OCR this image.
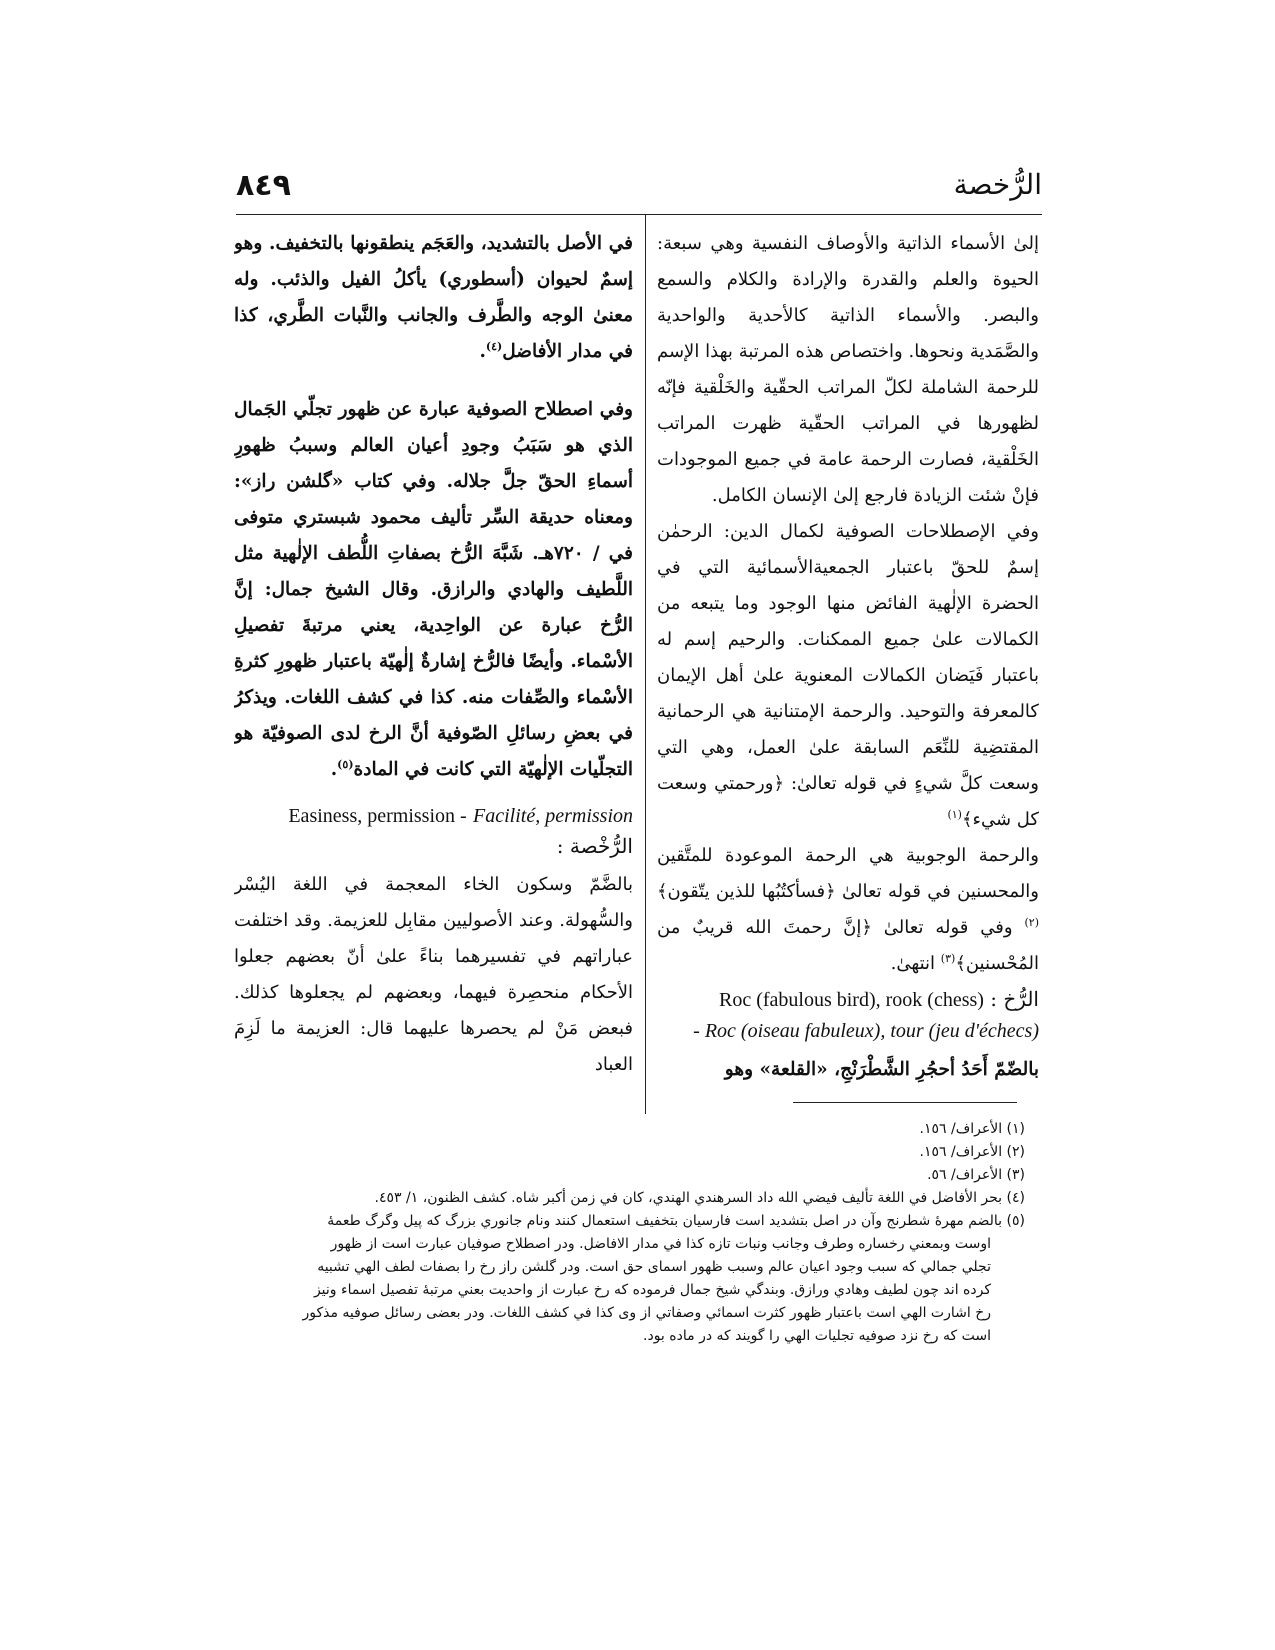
٨٤٩	الرُّخصة

إلىٰ الأسماء الذاتية والأوصاف النفسية وهي سبعة: الحيوة والعلم والقدرة والإرادة والكلام والسمع والبصر. والأسماء الذاتية كالأحدية والواحدية والصَّمَدية ونحوها. واختصاص هذه المرتبة بهذا الإسم للرحمة الشاملة لكلّ المراتب الحقّية والخَلْقية فإنّه لظهورها في المراتب الحقّية ظهرت المراتب الخَلْقية، فصارت الرحمة عامة في جميع الموجودات فإنْ شئت الزيادة فارجع إلىٰ الإنسان الكامل.

وفي الإصطلاحات الصوفية لكمال الدين: الرحمٰن إسمٌ للحقّ باعتبار الجمعيةالأسمائية التي في الحضرة الإلٰهية الفائض منها الوجود وما يتبعه من الكمالات علىٰ جميع الممكنات. والرحيم إسم له باعتبار فَيَضان الكمالات المعنوية علىٰ أهل الإيمان كالمعرفة والتوحيد. والرحمة الإمتنانية هي الرحمانية المقتضِية للنِّعَم السابقة علىٰ العمل، وهي التي وسعت كلَّ شيءٍ في قوله تعالىٰ: ﴿ورحمتي وسعت كل شيء﴾$^{(١)}$

والرحمة الوجوبية هي الرحمة الموعودة للمتَّقين والمحسنين في قوله تعالىٰ ﴿فسأكتُبُها للذين يتّقون﴾$^{(٢)}$ وفي قوله تعالىٰ ﴿إنَّ رحمتَ الله قريبٌ من المُحْسنين﴾$^{(٣)}$ انتهىٰ.

Roc (fabulous bird), rook (chess) الرُّخ :
- Roc (oiseau fabuleux), tour (jeu d'échecs)

بالضّمّ أَحَدُ أحجُرِ الشَّطْرَنْجِ، «القلعة» وهو

في الأصل بالتشديد، والعَجَم ينطقونها بالتخفيف. وهو إسمٌ لحيوان (أسطوري) يأكلُ الفيل والذئب. وله معنىٰ الوجه والطَّرف والجانب والنَّبات الطَّري، كذا في مدار الأفاضل$^{(٤)}$.

وفي اصطلاح الصوفية عبارة عن ظهور تجلّي الجَمال الذي هو سَبَبُ وجودِ أعيان العالم وسببُ ظهورِ أسماءِ الحقّ جلَّ جلاله. وفي كتاب «گلشن راز»: ومعناه حديقة السِّر تأليف محمود شبستري متوفى في / ٧٢٠هـ. شَبَّهَ الرُّخ بصفاتِ اللُّطف الإلٰهية مثل اللَّطيف والهادي والرازق. وقال الشيخ جمال: إنَّ الرُّخ عبارة عن الواحِدية، يعني مرتبةَ تفصيلِ الأسْماء. وأيضًا فالرُّخ إشارةٌ إلٰهيّة باعتبار ظهورِ كثرةِ الأسْماء والصِّفات منه. كذا في كشف اللغات. ويذكرُ في بعضِ رسائلِ الصّوفية أنَّ الرخ لدى الصوفيّة هو التجلّيات الإلٰهيّة التي كانت في المادة$^{(٥)}$.

Easiness, permission - Facilité, permission الرُّخْصة :

بالضَّمّ وسكون الخاء المعجمة في اللغة اليُسْر والسُّهولة. وعند الأصوليين مقابِل للعزيمة. وقد اختلفت عباراتهم في تفسيرهما بناءً علىٰ أنّ بعضهم جعلوا الأحكام منحصِرة فيهما، وبعضهم لم يجعلوها كذلك. فبعض مَنْ لم يحصرها عليهما قال: العزيمة ما لَزِمَ العباد

(١) الأعراف/ ١٥٦.

(٢) الأعراف/ ١٥٦.

(٣) الأعراف/ ٥٦.

(٤) بحر الأفاضل في اللغة تأليف فيضي الله داد السرهندي الهندي، كان في زمن أكبر شاه. كشف الظنون، ١/ ٤٥٣.

(٥) بالضم مهرهٔ شطرنج وآن در اصل بتشديد است فارسيان بتخفيف استعمال كنند ونام جانوري بزرگ كه پيل وگرگ طعمهٔ

اوست وبمعني رخساره وطرف وجانب ونبات تازه كذا في مدار الافاضل. ودر اصطلاح صوفيان عبارت است از ظهور

تجلي جمالي كه سبب وجود اعيان عالم وسبب ظهور اسماى حق است. ودر گلشن راز رخ را بصفات لطف الهي تشبيه

كرده اند چون لطيف وهادي ورازق. وبندگي شيخ جمال فرموده كه رخ عبارت از واحديت بعني مرتبهٔ تفصيل اسماء ونيز

رخ اشارت الهي است باعتبار ظهور كثرت اسمائي وصفاتي از وى كذا في كشف اللغات. ودر بعضى رسائل صوفيه مذكور

است كه رخ نزد صوفيه تجليات الهي را گويند كه در ماده بود.
